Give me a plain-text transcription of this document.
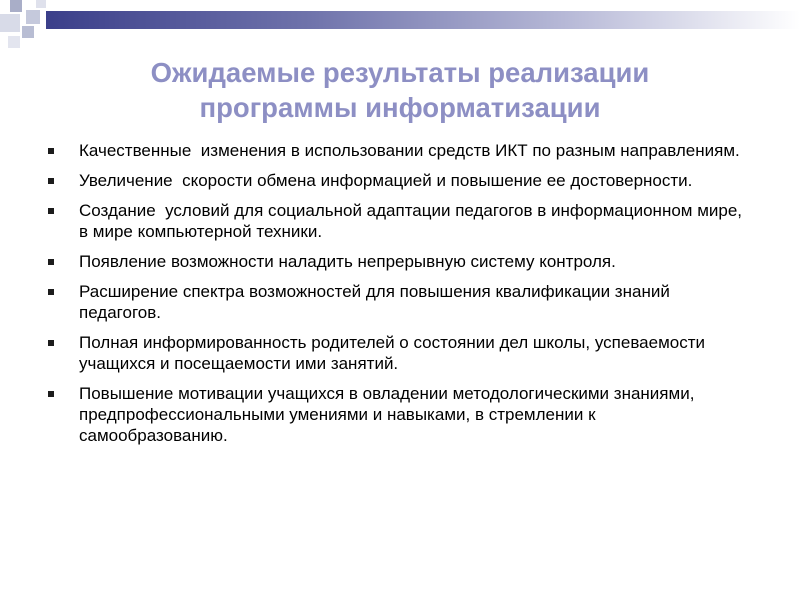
Ожидаемые результаты реализации
программы информатизации
Качественные  изменения в использовании средств ИКТ по разным направлениям.
Увеличение  скорости обмена информацией и повышение ее достоверности.
Создание  условий для социальной адаптации педагогов в информационном мире, в мире компьютерной техники.
Появление возможности наладить непрерывную систему контроля.
Расширение спектра возможностей для повышения квалификации знаний педагогов.
Полная информированность родителей о состоянии дел школы, успеваемости учащихся и посещаемости ими занятий.
Повышение мотивации учащихся в овладении методологическими знаниями, предпрофессиональными умениями и навыками, в стремлении к самообразованию.
